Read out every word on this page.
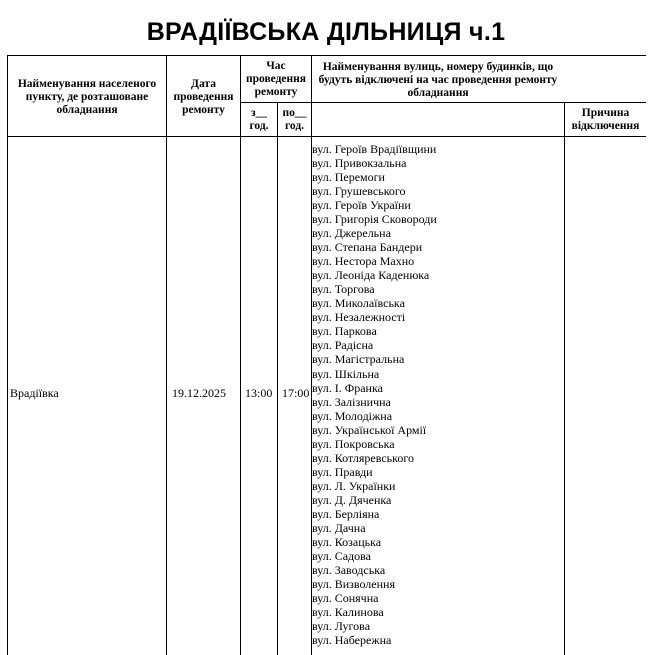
ВРАДІЇВСЬКА ДІЛЬНИЦЯ ч.1
Найменування населеного пункту, де розташоване обладнання
Дата проведення ремонту
Час проведення ремонту
з__ год.
по__ год.
Найменування вулиць, номеру будинків, що будуть відключені на час проведення ремонту обладнання
Причина відключення
Врадіївка	19.12.2025 13:00 17:00
вул. Героїв Врадіївщини
вул. Привокзальна
вул. Перемоги
вул. Грушевського
вул. Героїв України
вул. Григорія Сковороди
вул. Джерельна
вул. Степана Бандери
вул. Нестора Махно
вул. Леоніда Каденюка
вул. Торгова
вул. Миколаївська
вул. Незалежності
вул. Паркова
вул. Радісна
вул. Магістральна
вул. Шкільна
вул. І. Франка
вул. Залізнична
вул. Молодіжна
вул. Української Армії
вул. Покровська
вул. Котляревського
вул. Правди
вул. Л. Українки
вул. Д. Дяченка
вул. Берліяна
вул. Дачна
вул. Козацька
вул. Садова
вул. Заводська
вул. Визволення
вул. Сонячна
вул. Калинова
вул. Лугова
вул. Набережна
